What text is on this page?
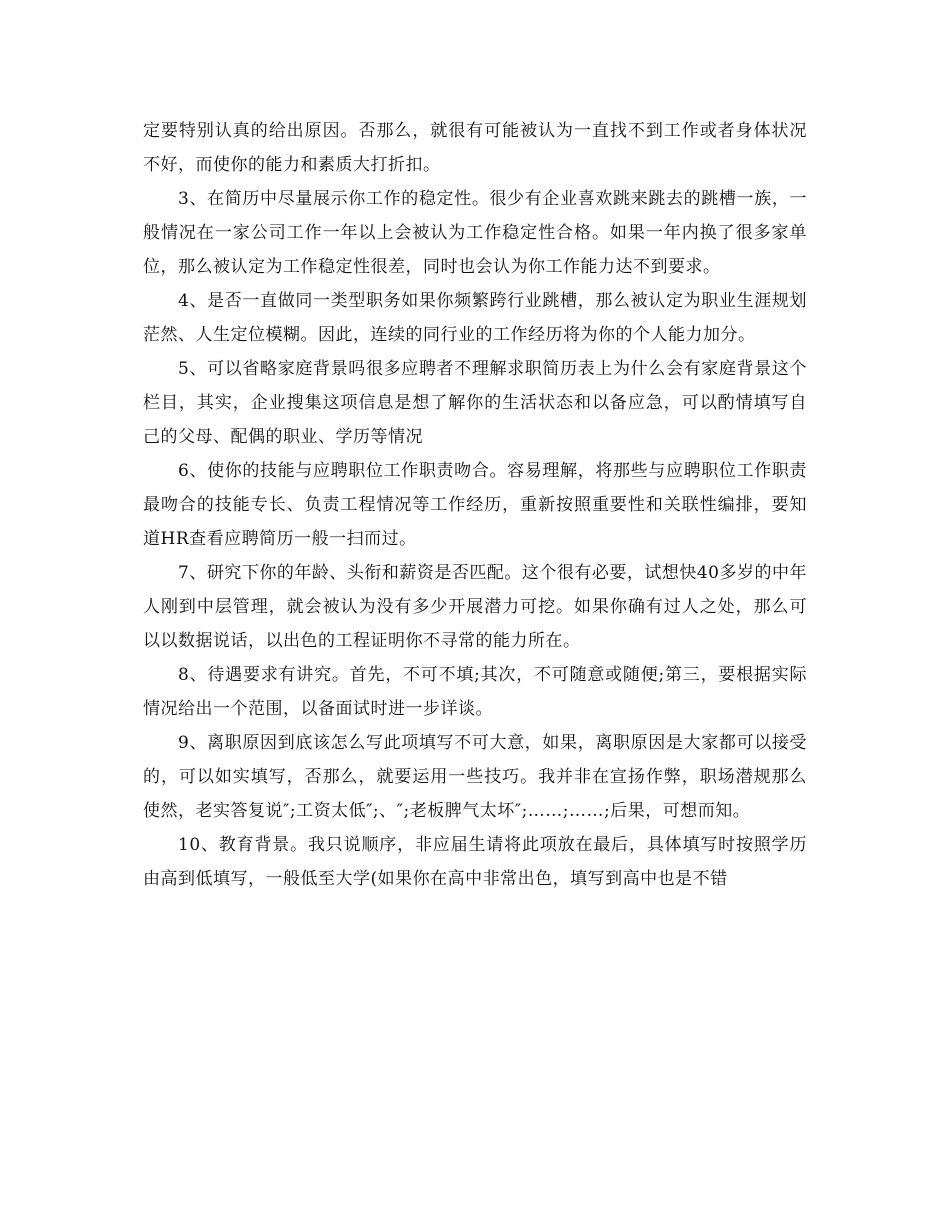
定要特别认真的给出原因。否那么，就很有可能被认为一直找不到工作或者身体状况不好，而使你的能力和素质大打折扣。

3、在简历中尽量展示你工作的稳定性。很少有企业喜欢跳来跳去的跳槽一族，一般情况在一家公司工作一年以上会被认为工作稳定性合格。如果一年内换了很多家单位，那么被认定为工作稳定性很差，同时也会认为你工作能力达不到要求。

4、是否一直做同一类型职务如果你频繁跨行业跳槽，那么被认定为职业生涯规划茫然、人生定位模糊。因此，连续的同行业的工作经历将为你的个人能力加分。

5、可以省略家庭背景吗很多应聘者不理解求职简历表上为什么会有家庭背景这个栏目，其实，企业搜集这项信息是想了解你的生活状态和以备应急，可以酌情填写自己的父母、配偶的职业、学历等情况

6、使你的技能与应聘职位工作职责吻合。容易理解，将那些与应聘职位工作职责最吻合的技能专长、负责工程情况等工作经历，重新按照重要性和关联性编排，要知道HR查看应聘简历一般一扫而过。

7、研究下你的年龄、头衔和薪资是否匹配。这个很有必要，试想快40多岁的中年人刚到中层管理，就会被认为没有多少开展潜力可挖。如果你确有过人之处，那么可以以数据说话，以出色的工程证明你不寻常的能力所在。

8、待遇要求有讲究。首先，不可不填;其次，不可随意或随便;第三，要根据实际情况给出一个范围，以备面试时进一步详谈。

9、离职原因到底该怎么写此项填写不可大意，如果，离职原因是大家都可以接受的，可以如实填写，否那么，就要运用一些技巧。我并非在宣扬作弊，职场潜规那么使然，老实答复说″;工资太低″;、″;老板脾气太坏″;……;……;后果，可想而知。

10、教育背景。我只说顺序，非应届生请将此项放在最后，具体填写时按照学历由高到低填写，一般低至大学(如果你在高中非常出色，填写到高中也是不错
